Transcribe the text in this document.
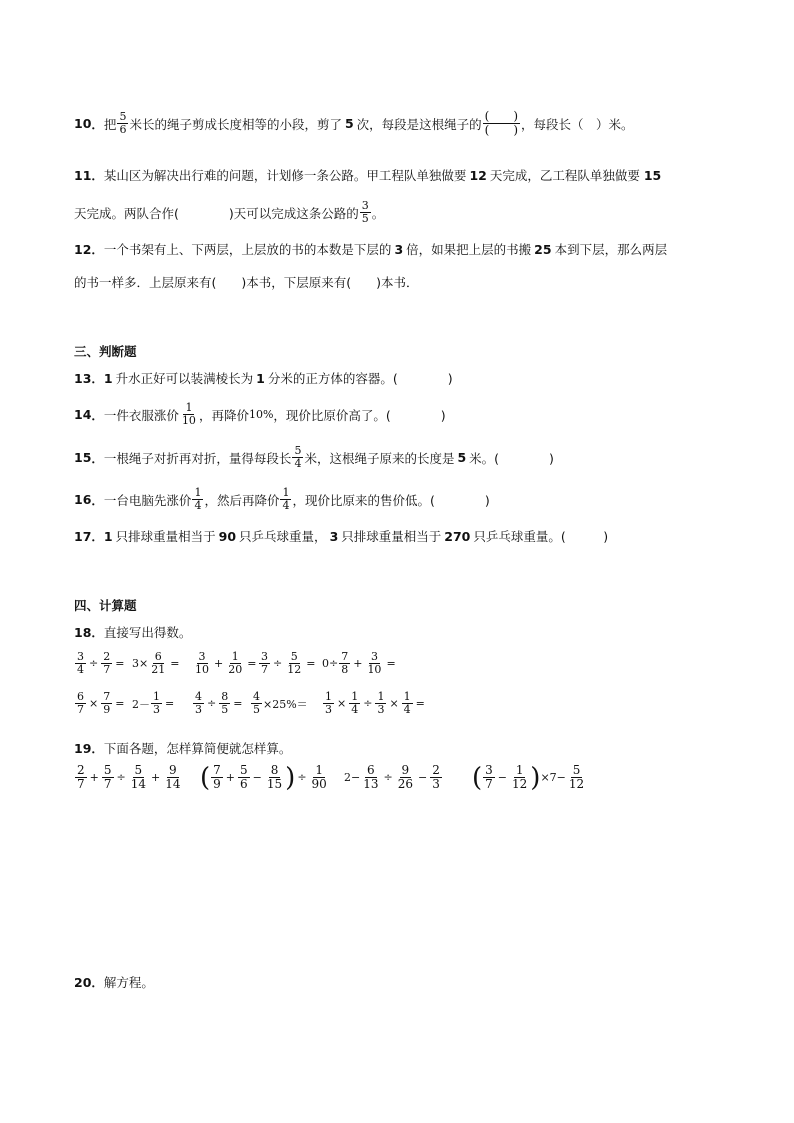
10 ． 把 $\frac{5}{6}$ 米长的绳子剪成长度相等的小段，剪了 5 次，每段是这根绳子的
(　　)
(　　) ，每段长（　）米。
11 ． 某山区为解决出行难的问题，计划修一条公路。甲工程队单独做要 12 天完成，乙工程队单独做要 15
天完成。两队合作(　　　　)天可以完成这条公路的 $\frac{3}{5}$ 。
12 ． 一个书架有上、下两层，上层放的书的本数是下层的 3 倍，如果把上层的书搬 25 本到下层，那么两层
的书一样多．上层原来有(　　)本书，下层原来有(　　)本书．
三、判断题
13 ． 1 升水正好可以装满棱长为 1 分米的正方体的容器。(　　　　)
14 ． 一件衣服涨价 $\frac{1}{10}$ ，再降价 10% ，现价比原价高了。(　　　　)
15 ． 一根绳子对折再对折，量得每段长 $\frac{5}{4}$ 米，这根绳子原来的长度是 5 米。(　　　　)
16 ． 一台电脑先涨价 $\frac{1}{4}$ ，然后再降价 $\frac{1}{4}$ ，现价比原来的售价低。(　　　　)
17 ． 1 只排球重量相当于 90 只乒乓球重量， 3 只排球重量相当于 270 只乒乓球重量。(　　　)
四、计算题
18 ． 直接写出得数。
$\frac{3}{4} \div \frac{2}{7} = 3\times \frac{6}{21} = \frac{3}{10} + \frac{1}{20} = \frac{3}{7} \div \frac{5}{12} = 0\div \frac{7}{8} + \frac{3}{10}$ =
$\frac{6}{7} \times \frac{7}{9} = 2- \frac{1}{3} = \frac{4}{3} \div \frac{8}{5} = \frac{4}{5} \times 25\%= \frac{1}{3} \times \frac{1}{4} \div \frac{1}{3} \times \frac{1}{4}$ =
19 ． 下面各题，怎样算简便就怎样算。
$\frac{2}{7} + \frac{5}{7} \div \frac{5}{14} + \frac{9}{14}$ ( $\frac{7}{9} + \frac{5}{6} - \frac{8}{15}$ ) ÷ $\frac{1}{90} 2- \frac{6}{13} \div \frac{9}{26} - \frac{2}{3}$ ( $\frac{3}{7} - \frac{1}{12}$ ) $\times 7- \frac{5}{12}$
20 ． 解方程。
